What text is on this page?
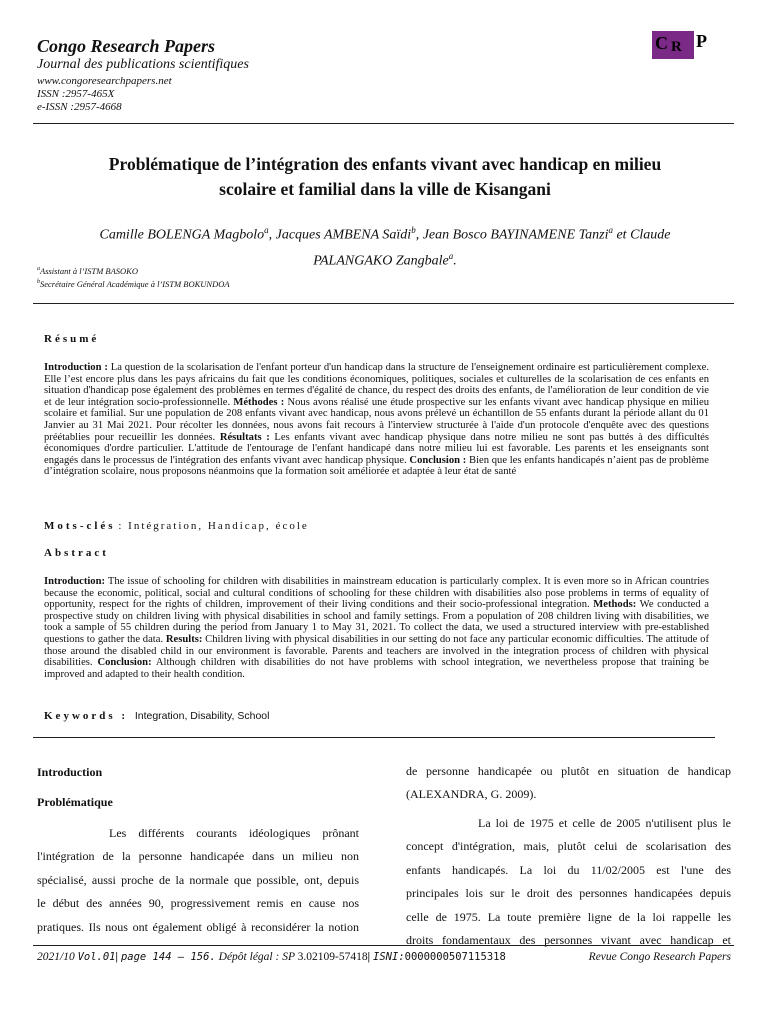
Congo Research Papers
Journal des publications scientifiques
www.congoresearchpapers.net
ISSN :2957-465X
e-ISSN :2957-4668
C R P
Problématique de l’intégration des enfants vivant avec handicap en milieu
scolaire et familial dans la ville de Kisangani
Camille BOLENGA Magbolo$^a$, Jacques AMBENA Saïdi$^b$, Jean Bosco BAYINAMENE Tanzi$^a$ et Claude
PALANGAKO Zangbale$^a$.
$^a$Assistant à l’ISTM BASOKO
$^b$Secrétaire Général Académique à l’ISTM BOKUNDOA
Résumé
Introduction : La question de la scolarisation de l'enfant porteur d'un handicap dans la structure de l'enseignement ordinaire est particulièrement complexe. Elle l’est encore plus dans les pays africains du fait que les conditions économiques, politiques, sociales et culturelles de la scolarisation de ces enfants en situation d'handicap pose également des problèmes en termes d'égalité de chance, du respect des droits des enfants, de l'amélioration de leur condition de vie et de leur intégration socio-professionnelle. Méthodes : Nous avons réalisé une étude prospective sur les enfants vivant avec handicap physique en milieu scolaire et familial. Sur une population de 208 enfants vivant avec handicap, nous avons prélevé un échantillon de 55 enfants durant la période allant du 01 Janvier au 31 Mai 2021. Pour récolter les données, nous avons fait recours à l'interview structurée à l'aide d'un protocole d'enquête avec des questions préétablies pour recueillir les données. Résultats : Les enfants vivant avec handicap physique dans notre milieu ne sont pas buttés à des difficultés économiques d'ordre particulier. L'attitude de l'entourage de l'enfant handicapé dans notre milieu lui est favorable. Les parents et les enseignants sont engagés dans le processus de l'intégration des enfants vivant avec handicap physique. Conclusion : Bien que les enfants handicapés n’aient pas de problème d’intégration scolaire, nous proposons néanmoins que la formation soit améliorée et adaptée à leur état de santé
Mots-clés : Intégration, Handicap, école
Abstract
Introduction: The issue of schooling for children with disabilities in mainstream education is particularly complex. It is even more so in African countries because the economic, political, social and cultural conditions of schooling for these children with disabilities also pose problems in terms of equality of opportunity, respect for the rights of children, improvement of their living conditions and their socio-professional integration. Methods: We conducted a prospective study on children living with physical disabilities in school and family settings. From a population of 208 children living with disabilities, we took a sample of 55 children during the period from January 1 to May 31, 2021. To collect the data, we used a structured interview with pre-established questions to gather the data. Results: Children living with physical disabilities in our setting do not face any particular economic difficulties. The attitude of those around the disabled child in our environment is favorable. Parents and teachers are involved in the integration process of children with physical disabilities. Conclusion: Although children with disabilities do not have problems with school integration, we nevertheless propose that training be improved and adapted to their health condition.
Keywords : Integration, Disability, School
Introduction
Problématique
Les différents courants idéologiques prônant
l'intégration de la personne handicapée dans un milieu non
spécialisé, aussi proche de la normale que possible, ont, depuis
le début des années 90, progressivement remis en cause nos
pratiques. Ils nous ont également obligé à reconsidérer la notion
de personne handicapée ou plutôt en situation de handicap
(ALEXANDRA, G. 2009).
La loi de 1975 et celle de 2005 n'utilisent plus le
concept d'intégration, mais, plutôt celui de scolarisation des
enfants handicapés. La loi du 11/02/2005 est l'une des
principales lois sur le droit des personnes handicapées depuis
celle de 1975. La toute première ligne de la loi rappelle les
droits fondamentaux des personnes vivant avec handicap et
2021/10 Vol.01| page 144 – 156. Dépôt légal : SP 3.02109-57418| ISNI:0000000507115318	Revue Congo Research Papers
